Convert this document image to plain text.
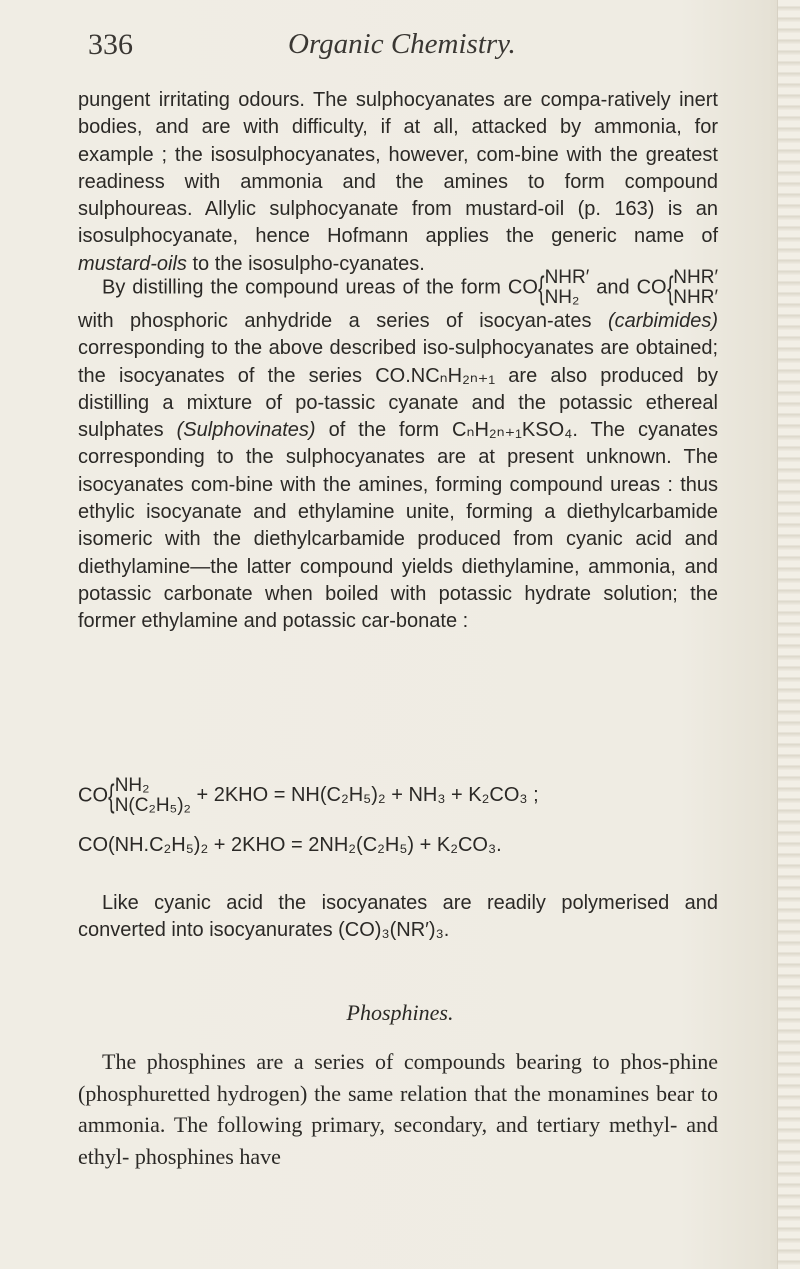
336	Organic Chemistry.
pungent irritating odours. The sulphocyanates are compa-ratively inert bodies, and are with difficulty, if at all, attacked by ammonia, for example ; the isosulphocyanates, however, com-bine with the greatest readiness with ammonia and the amines to form compound sulphoureas. Allylic sulphocyanate from mustard-oil (p. 163) is an isosulphocyanate, hence Hofmann applies the generic name of mustard-oils to the isosulpho-cyanates.
By distilling the compound ureas of the form CO{ NHR′
NH₂ and CO{ NHR′
NHR′
with phosphoric anhydride a series of isocyan-ates (carbimides) corresponding to the above described iso-sulphocyanates are obtained; the isocyanates of the series CO.NCₙH₂ₙ₊₁ are also produced by distilling a mixture of po-tassic cyanate and the potassic ethereal sulphates (Sulphovinates) of the form CₙH₂ₙ₊₁KSO₄. The cyanates corresponding to the sulphocyanates are at present unknown. The isocyanates com-bine with the amines, forming compound ureas : thus ethylic isocyanate and ethylamine unite, forming a diethylcarbamide isomeric with the diethylcarbamide produced from cyanic acid and diethylamine—the latter compound yields diethylamine, ammonia, and potassic carbonate when boiled with potassic hydrate solution; the former ethylamine and potassic car-bonate :
CO{ NH₂
N(C₂H₅)₂ + 2KHO = NH(C₂H₅)₂ + NH₃ + K₂CO₃ ;
CO(NH.C₂H₅)₂ + 2KHO = 2NH₂(C₂H₅) + K₂CO₃.
Like cyanic acid the isocyanates are readily polymerised and converted into isocyanurates (CO)₃(NR′)₃.
Phosphines.
The phosphines are a series of compounds bearing to phos-phine (phosphuretted hydrogen) the same relation that the monamines bear to ammonia. The following primary, secondary, and tertiary methyl- and ethyl- phosphines have
